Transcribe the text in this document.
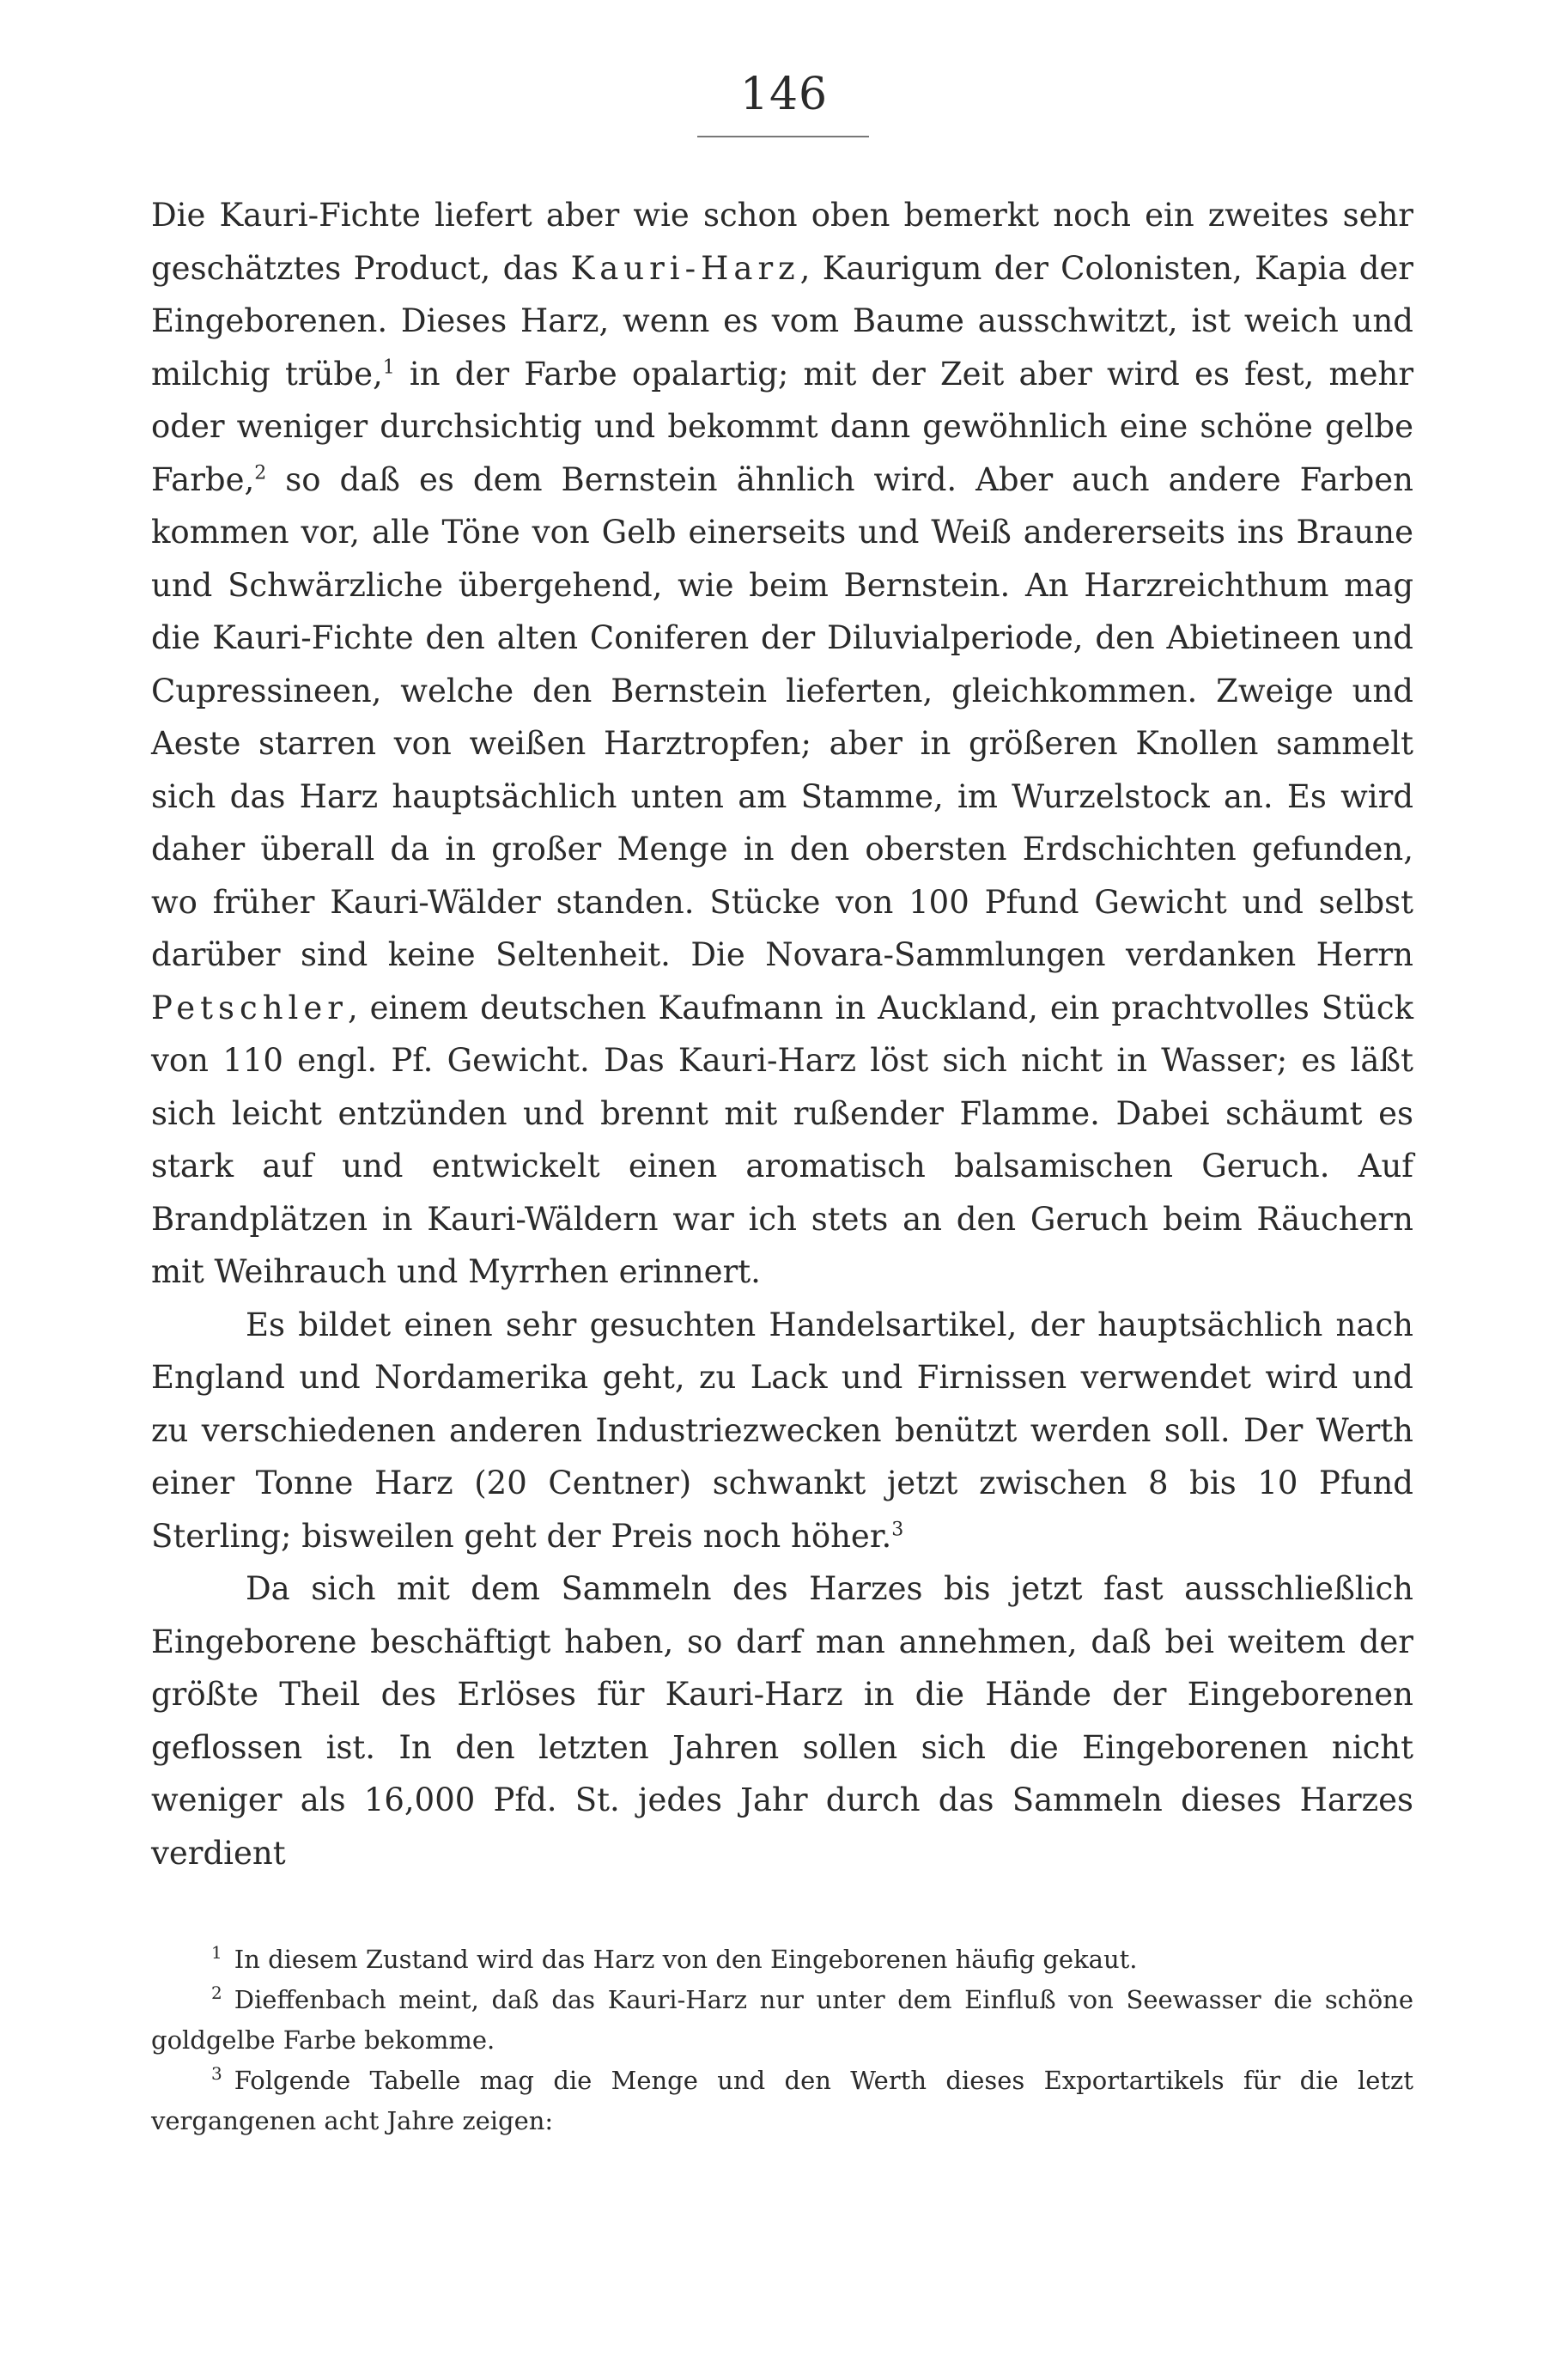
146

Die Kauri-Fichte liefert aber wie schon oben bemerkt noch ein zweites sehr geschätztes Product, das Kauri-Harz, Kaurigum der Colonisten, Kapia der Eingeborenen. Dieses Harz, wenn es vom Baume ausschwitzt, ist weich und milchig trübe,$^1$ in der Farbe opalartig; mit der Zeit aber wird es fest, mehr oder weniger durchsichtig und bekommt dann gewöhnlich eine schöne gelbe Farbe,$^2$ so daß es dem Bernstein ähnlich wird. Aber auch andere Farben kommen vor, alle Töne von Gelb einerseits und Weiß andererseits ins Braune und Schwärzliche übergehend, wie beim Bernstein. An Harzreichthum mag die Kauri-Fichte den alten Coniferen der Diluvialperiode, den Abietineen und Cupressineen, welche den Bernstein lieferten, gleichkommen. Zweige und Aeste starren von weißen Harztropfen; aber in größeren Knollen sammelt sich das Harz hauptsächlich unten am Stamme, im Wurzelstock an. Es wird daher überall da in großer Menge in den obersten Erdschichten gefunden, wo früher Kauri-Wälder standen. Stücke von 100 Pfund Gewicht und selbst darüber sind keine Seltenheit. Die Novara-Sammlungen verdanken Herrn Petschler, einem deutschen Kaufmann in Auckland, ein prachtvolles Stück von 110 engl. Pf. Gewicht. Das Kauri-Harz löst sich nicht in Wasser; es läßt sich leicht entzünden und brennt mit rußender Flamme. Dabei schäumt es stark auf und entwickelt einen aromatisch balsamischen Geruch. Auf Brandplätzen in Kauri-Wäldern war ich stets an den Geruch beim Räuchern mit Weihrauch und Myrrhen erinnert.

Es bildet einen sehr gesuchten Handelsartikel, der hauptsächlich nach England und Nordamerika geht, zu Lack und Firnissen verwendet wird und zu verschiedenen anderen Industriezwecken benützt werden soll. Der Werth einer Tonne Harz (20 Centner) schwankt jetzt zwischen 8 bis 10 Pfund Sterling; bisweilen geht der Preis noch höher.$^3$

Da sich mit dem Sammeln des Harzes bis jetzt fast ausschließlich Eingeborene beschäftigt haben, so darf man annehmen, daß bei weitem der größte Theil des Erlöses für Kauri-Harz in die Hände der Eingeborenen geflossen ist. In den letzten Jahren sollen sich die Eingeborenen nicht weniger als 16,000 Pfd. St. jedes Jahr durch das Sammeln dieses Harzes verdient

$^1$ In diesem Zustand wird das Harz von den Eingeborenen häufig gekaut.

$^2$ Dieffenbach meint, daß das Kauri-Harz nur unter dem Einfluß von Seewasser die schöne goldgelbe Farbe bekomme.

$^3$ Folgende Tabelle mag die Menge und den Werth dieses Exportartikels für die letzt vergangenen acht Jahre zeigen:
